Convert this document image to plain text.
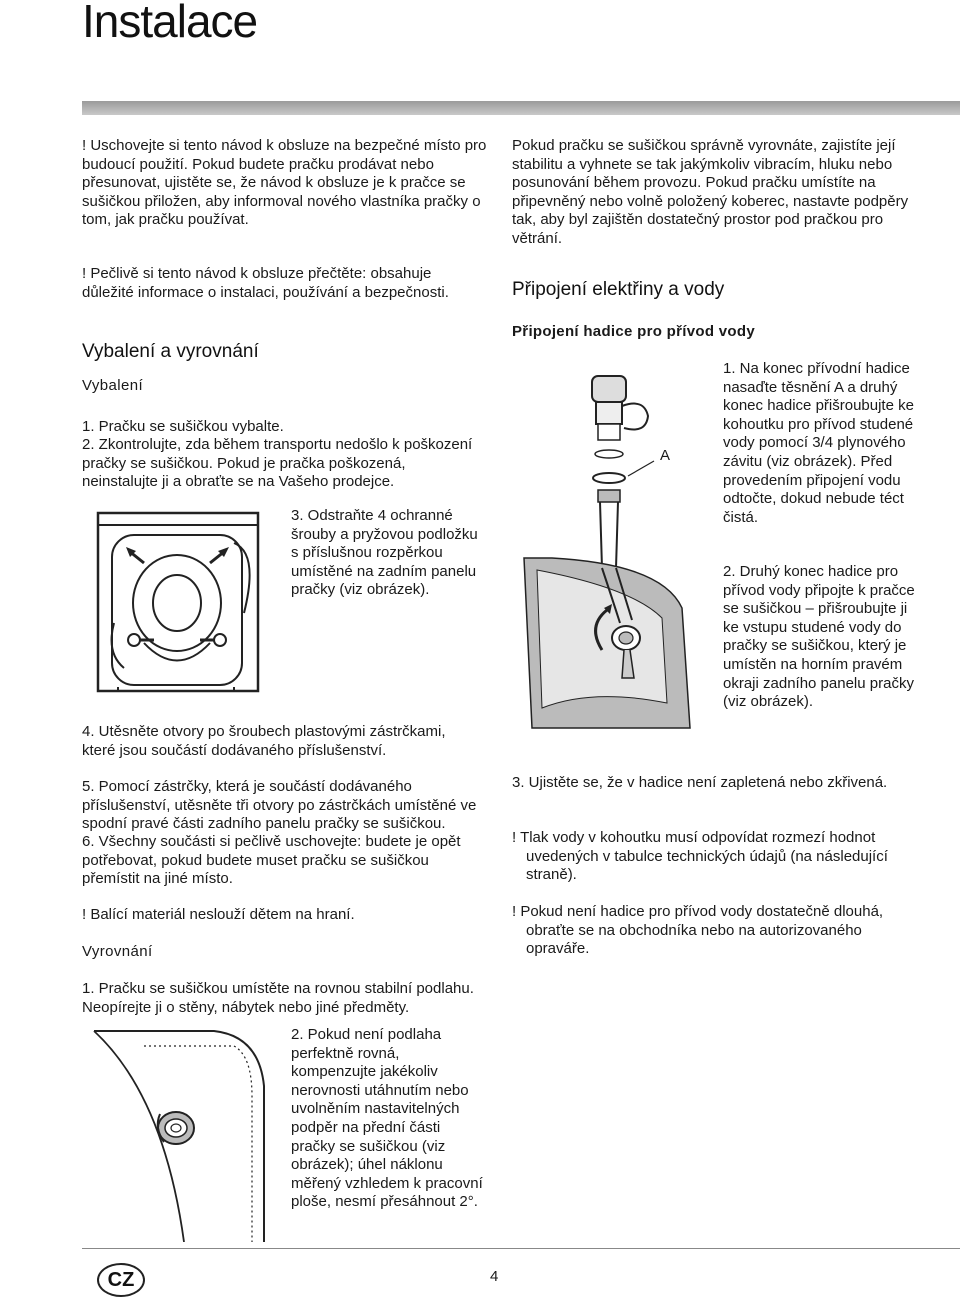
Instalace

! Uschovejte si tento návod k obsluze na bezpečné místo pro budoucí použití. Pokud budete pračku prodávat nebo přesunovat, ujistěte se, že návod k obsluze je k pračce se sušičkou přiložen, aby informoval nového vlastníka pračky o tom, jak pračku používat.

! Pečlivě si tento návod k obsluze přečtěte: obsahuje důležité informace o instalaci, používání a bezpečnosti.

Vybalení a vyrovnání
Vybalení

1. Pračku se sušičkou vybalte.

2. Zkontrolujte, zda během transportu nedošlo k poškození pračky se sušičkou. Pokud je pračka poškozená, neinstalujte ji a obraťte se na Vašeho prodejce.

3. Odstraňte 4 ochranné šrouby a pryžovou podložku s příslušnou rozpěrkou umístěné na zadním panelu pračky (viz obrázek).

4. Utěsněte otvory po šroubech plastovými zástrčkami, které jsou součástí dodávaného příslušenství.

5. Pomocí zástrčky, která je součástí dodávaného příslušenství, utěsněte tři otvory po zástrčkách umístěné ve spodní pravé části zadního panelu pračky se sušičkou.

6. Všechny součásti si pečlivě uschovejte: budete je opět potřebovat, pokud budete muset pračku se sušičkou přemístit na jiné místo.

! Balící materiál neslouží dětem na hraní.

Vyrovnání

1. Pračku se sušičkou umístěte na rovnou stabilní podlahu. Neopírejte ji o stěny, nábytek nebo jiné předměty.

2. Pokud není podlaha perfektně rovná, kompenzujte jakékoliv nerovnosti utáhnutím nebo uvolněním nastavitelných podpěr na přední části pračky se sušičkou (viz obrázek); úhel náklonu měřený vzhledem k pracovní ploše, nesmí přesáhnout 2°.

Pokud pračku se sušičkou správně vyrovnáte, zajistíte její stabilitu a vyhnete se tak jakýmkoliv vibracím, hluku nebo posunování během provozu. Pokud pračku umístíte na připevněný nebo volně položený koberec, nastavte podpěry tak, aby byl zajištěn dostatečný prostor pod pračkou pro větrání.

Připojení elektřiny a vody
Připojení hadice pro přívod vody
A

1. Na konec přívodní hadice nasaďte těsnění A a druhý konec hadice přišroubujte ke kohoutku pro přívod studené vody pomocí 3/4 plynového závitu (viz obrázek). Před provedením připojení vodu odtočte, dokud nebude téct čistá.

2. Druhý konec hadice pro přívod vody připojte k pračce se sušičkou – přišroubujte ji ke vstupu studené vody do pračky se sušičkou, který je umístěn na horním pravém okraji zadního panelu pračky (viz obrázek).

3. Ujistěte se, že v hadice není zapletená nebo zkřivená.

! Tlak vody v kohoutku musí odpovídat rozmezí hodnot uvedených v tabulce technických údajů (na následující straně).

! Pokud není hadice pro přívod vody dostatečně dlouhá, obraťte se na obchodníka nebo na autorizovaného opraváře.

CZ	4
